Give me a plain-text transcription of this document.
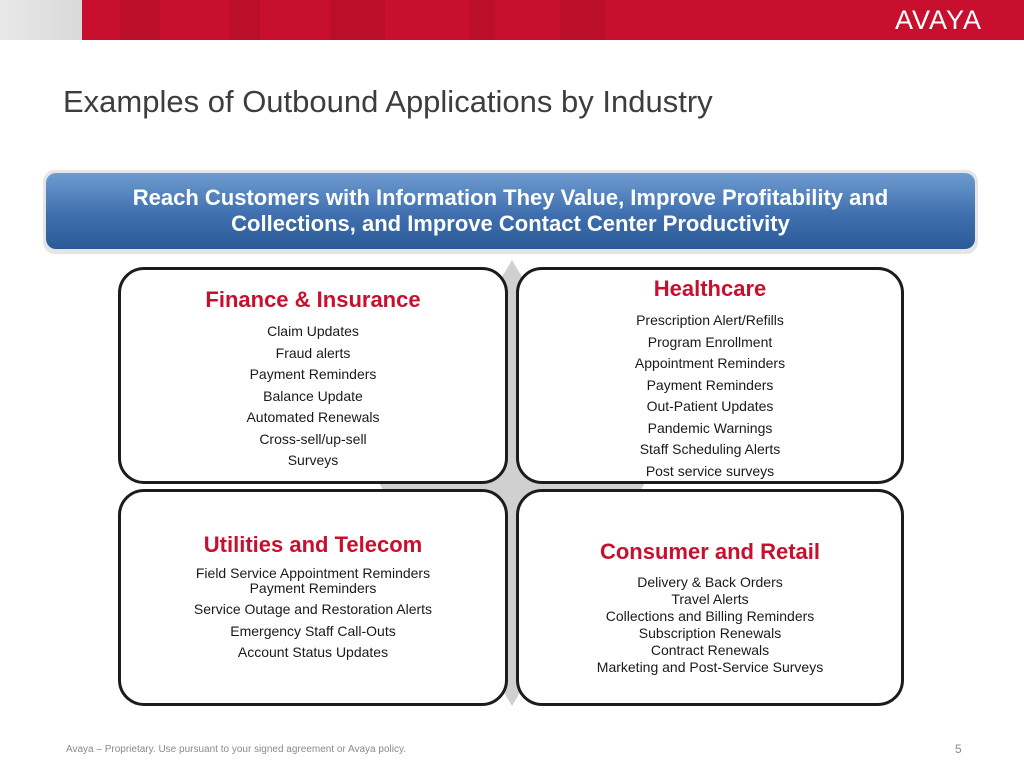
AVAYA
Examples of Outbound Applications by Industry
Reach Customers with Information They Value, Improve Profitability and
Collections, and Improve Contact Center Productivity
Finance & Insurance
Claim Updates
Fraud alerts
Payment Reminders
Balance Update
Automated Renewals
Cross-sell/up-sell
Surveys
Healthcare
Prescription Alert/Refills
Program Enrollment
Appointment Reminders
Payment Reminders
Out-Patient Updates
Pandemic Warnings
Staff Scheduling Alerts
Post service surveys
Utilities and Telecom
Field Service Appointment Reminders
Payment Reminders
Service Outage and Restoration Alerts
Emergency Staff Call-Outs
Account Status Updates
Consumer and Retail
Delivery & Back Orders
Travel Alerts
Collections and Billing Reminders
Subscription Renewals
Contract Renewals
Marketing and Post-Service Surveys
Avaya – Proprietary. Use pursuant to your signed agreement or Avaya policy.	5
